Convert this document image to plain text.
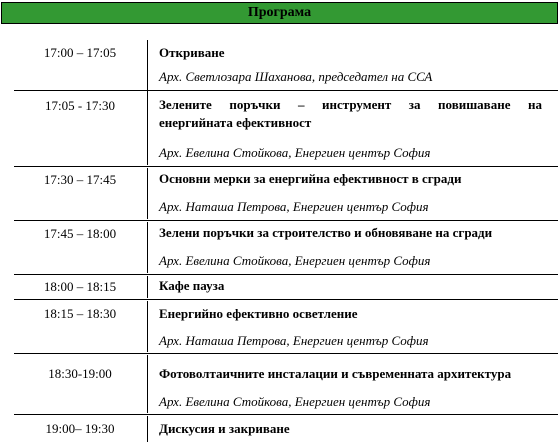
Програма
17:00 – 17:05	Откриване
Арх. Светлозара Шаханова, председател на ССА
17:05 - 17:30	Зелените поръчки – инструмент за повишаване на
енергийната ефективност
Арх. Евелина Стойкова, Енергиен център София
17:30 – 17:45	Основни мерки за енергийна ефективност в сгради
Арх. Наташа Петрова, Енергиен център София
17:45 – 18:00	Зелени поръчки за строителство и обновяване на сгради
Арх. Евелина Стойкова, Енергиен център София
18:00 – 18:15	Кафе пауза
18:15 – 18:30	Енергийно ефективно осветление
Арх. Наташа Петрова, Енергиен център София
18:30-19:00	Фотоволтаичните инсталации и съвременната архитектура
Арх. Евелина Стойкова, Енергиен център София
19:00– 19:30	Дискусия и закриване
